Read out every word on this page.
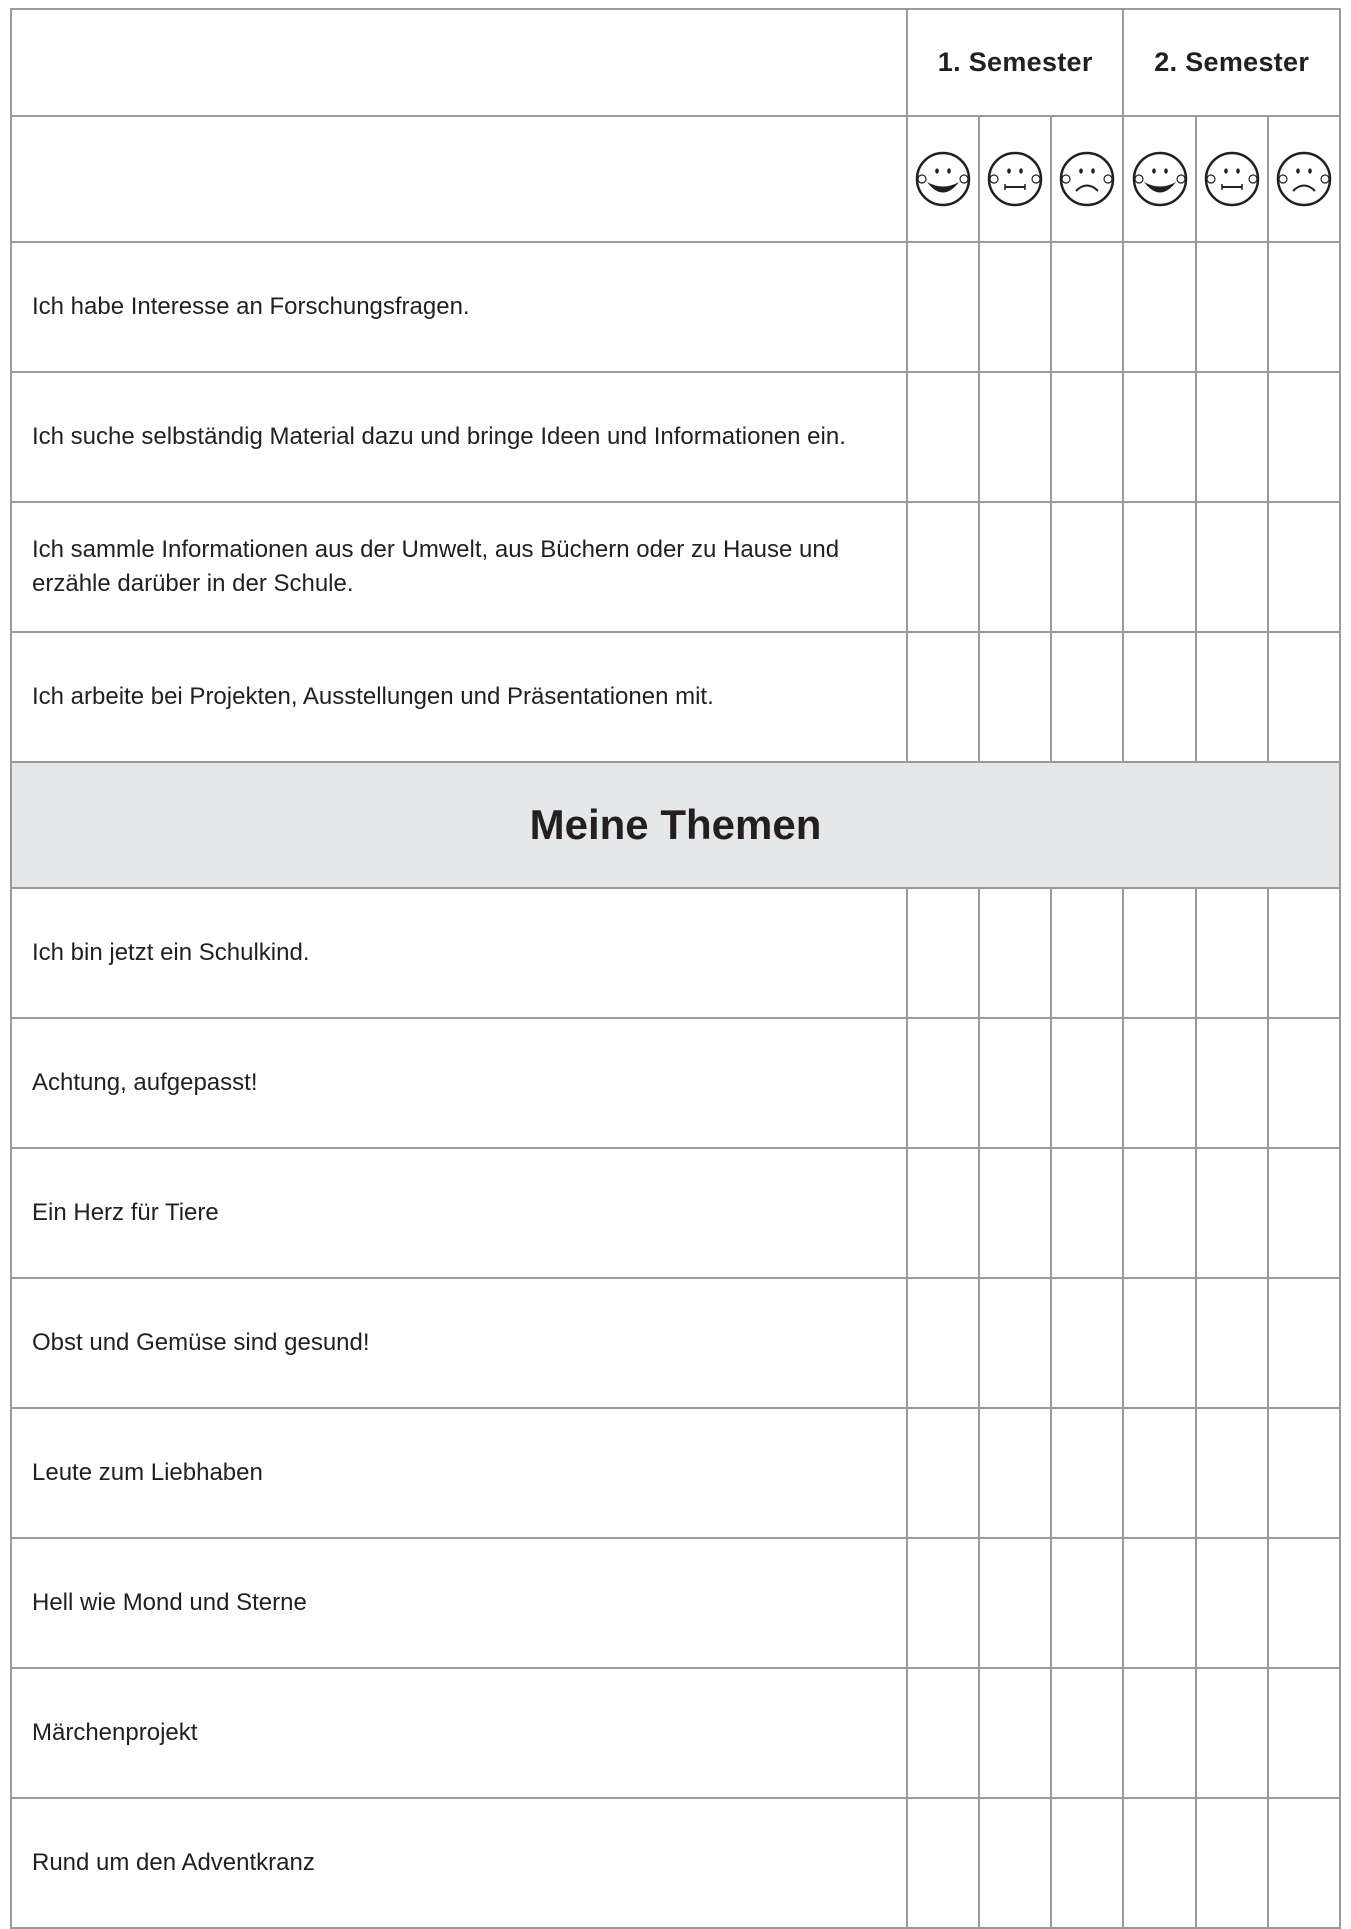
	1. Semester			2. Semester		

Ich habe Interesse an Forschungsfragen.						
Ich suche selbständig Material dazu und bringe Ideen und Informationen ein.						
Ich sammle Informationen aus der Umwelt, aus Büchern oder zu Hause und erzähle darüber in der Schule.						
Ich arbeite bei Projekten, Ausstellungen und Präsentationen mit.						
Meine Themen						
Ich bin jetzt ein Schulkind.						
Achtung, aufgepasst!						
Ein Herz für Tiere						
Obst und Gemüse sind gesund!						
Leute zum Liebhaben						
Hell wie Mond und Sterne						
Märchenprojekt						
Rund um den Adventkranz						
